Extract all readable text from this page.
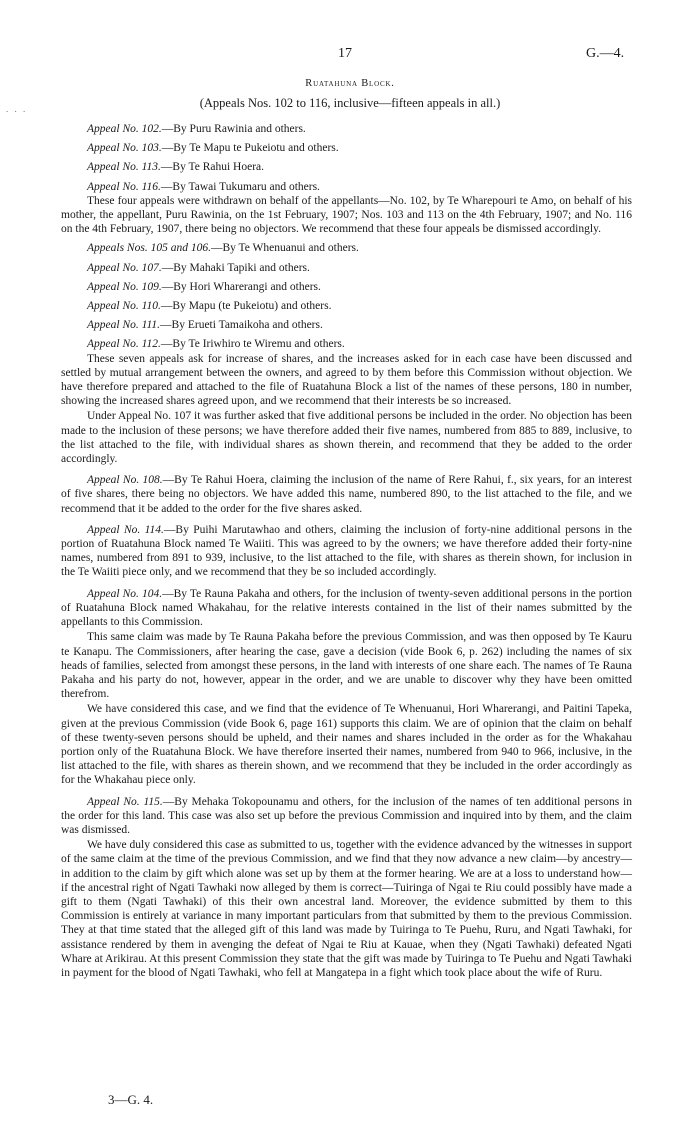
17	G.—4.
. . .
Ruatahuna Block.
(Appeals Nos. 102 to 116, inclusive—fifteen appeals in all.)
Appeal No. 102.—By Puru Rawinia and others.
Appeal No. 103.—By Te Mapu te Pukeiotu and others.
Appeal No. 113.—By Te Rahui Hoera.
Appeal No. 116.—By Tawai Tukumaru and others.

These four appeals were withdrawn on behalf of the appellants—No. 102, by Te Wharepouri te Amo, on behalf of his mother, the appellant, Puru Rawinia, on the 1st February, 1907; Nos. 103 and 113 on the 4th February, 1907; and No. 116 on the 4th February, 1907, there being no objectors. We recommend that these four appeals be dismissed accordingly.

Appeals Nos. 105 and 106.—By Te Whenuanui and others.
Appeal No. 107.—By Mahaki Tapiki and others.
Appeal No. 109.—By Hori Wharerangi and others.
Appeal No. 110.—By Mapu (te Pukeiotu) and others.
Appeal No. 111.—By Erueti Tamaikoha and others.
Appeal No. 112.—By Te Iriwhiro te Wiremu and others.

These seven appeals ask for increase of shares, and the increases asked for in each case have been discussed and settled by mutual arrangement between the owners, and agreed to by them before this Commission without objection. We have therefore prepared and attached to the file of Ruatahuna Block a list of the names of these persons, 180 in number, showing the increased shares agreed upon, and we recommend that their interests be so increased.

Under Appeal No. 107 it was further asked that five additional persons be included in the order. No objection has been made to the inclusion of these persons; we have therefore added their five names, numbered from 885 to 889, inclusive, to the list attached to the file, with individual shares as shown therein, and recommend that they be added to the order accordingly.

Appeal No. 108.—By Te Rahui Hoera, claiming the inclusion of the name of Rere Rahui, f., six years, for an interest of five shares, there being no objectors. We have added this name, numbered 890, to the list attached to the file, and we recommend that it be added to the order for the five shares asked.

Appeal No. 114.—By Puihi Marutawhao and others, claiming the inclusion of forty-nine additional persons in the portion of Ruatahuna Block named Te Waiiti. This was agreed to by the owners; we have therefore added their forty-nine names, numbered from 891 to 939, inclusive, to the list attached to the file, with shares as therein shown, for inclusion in the Te Waiiti piece only, and we recommend that they be so included accordingly.

Appeal No. 104.—By Te Rauna Pakaha and others, for the inclusion of twenty-seven additional persons in the portion of Ruatahuna Block named Whakahau, for the relative interests contained in the list of their names submitted by the appellants to this Commission.

This same claim was made by Te Rauna Pakaha before the previous Commission, and was then opposed by Te Kauru te Kanapu. The Commissioners, after hearing the case, gave a decision (vide Book 6, p. 262) including the names of six heads of families, selected from amongst these persons, in the land with interests of one share each. The names of Te Rauna Pakaha and his party do not, however, appear in the order, and we are unable to discover why they have been omitted therefrom.

We have considered this case, and we find that the evidence of Te Whenuanui, Hori Wharerangi, and Paitini Tapeka, given at the previous Commission (vide Book 6, page 161) supports this claim. We are of opinion that the claim on behalf of these twenty-seven persons should be upheld, and their names and shares included in the order as for the Whakahau portion only of the Ruatahuna Block. We have therefore inserted their names, numbered from 940 to 966, inclusive, in the list attached to the file, with shares as therein shown, and we recommend that they be included in the order accordingly as for the Whakahau piece only.

Appeal No. 115.—By Mehaka Tokopounamu and others, for the inclusion of the names of ten additional persons in the order for this land. This case was also set up before the previous Commission and inquired into by them, and the claim was dismissed.

We have duly considered this case as submitted to us, together with the evidence advanced by the witnesses in support of the same claim at the time of the previous Commission, and we find that they now advance a new claim—by ancestry—in addition to the claim by gift which alone was set up by them at the former hearing. We are at a loss to understand how—if the ancestral right of Ngati Tawhaki now alleged by them is correct—Tuiringa of Ngai te Riu could possibly have made a gift to them (Ngati Tawhaki) of this their own ancestral land. Moreover, the evidence submitted by them to this Commission is entirely at variance in many important particulars from that submitted by them to the previous Commission. They at that time stated that the alleged gift of this land was made by Tuiringa to Te Puehu, Ruru, and Ngati Tawhaki, for assistance rendered by them in avenging the defeat of Ngai te Riu at Kauae, when they (Ngati Tawhaki) defeated Ngati Whare at Arikirau. At this present Commission they state that the gift was made by Tuiringa to Te Puehu and Ngati Tawhaki in payment for the blood of Ngati Tawhaki, who fell at Mangatepa in a fight which took place about the wife of Ruru.

3—G. 4.
